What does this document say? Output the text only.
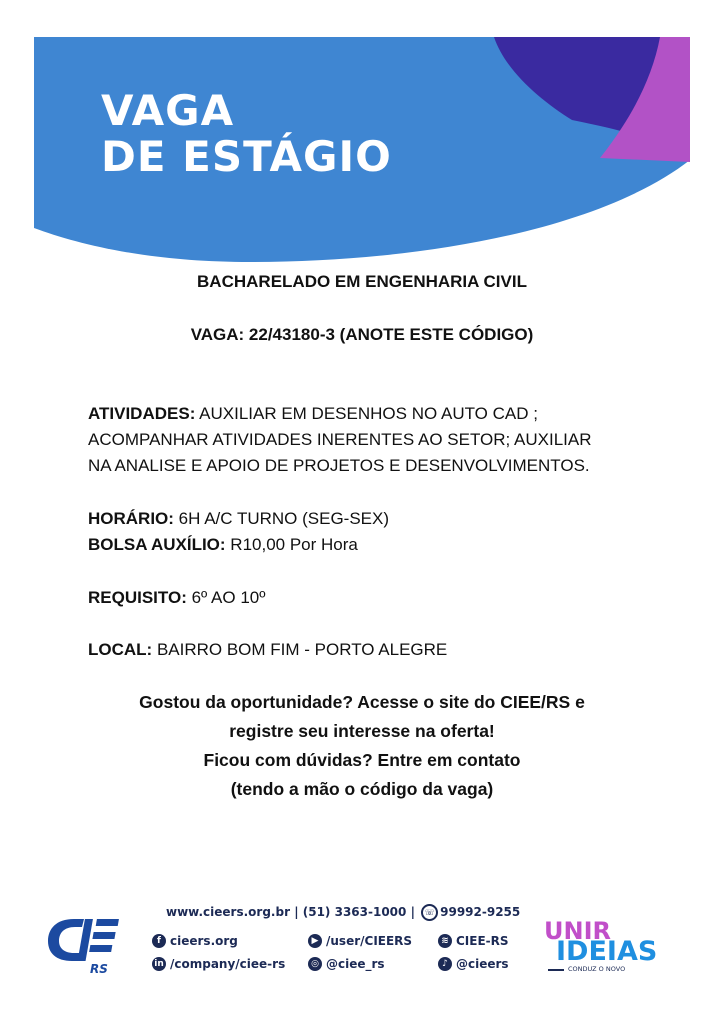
VAGA
DE ESTÁGIO
BACHARELADO EM ENGENHARIA CIVIL
VAGA: 22/43180-3 (ANOTE ESTE CÓDIGO)
ATIVIDADES: AUXILIAR EM DESENHOS NO AUTO CAD ;
ACOMPANHAR ATIVIDADES INERENTES AO SETOR; AUXILIAR
NA ANALISE E APOIO DE PROJETOS E DESENVOLVIMENTOS.
HORÁRIO: 6H A/C TURNO (SEG-SEX)
BOLSA AUXÍLIO: R10,00 Por Hora
REQUISITO: 6º AO 10º
LOCAL: BAIRRO BOM FIM - PORTO ALEGRE
Gostou da oportunidade? Acesse o site do CIEE/RS e
registre seu interesse na oferta!
Ficou com dúvidas? Entre em contato
(tendo a mão o código da vaga)
RS
www.cieers.org.br | (51) 3363-1000 | ☏ 99992-9255
f cieers.org
in /company/ciee-rs
▶ /user/CIEERS
◎ @ciee_rs
≋ CIEE-RS
♪ @cieers
UNIR
IDEIAS
CONDUZ O NOVO
